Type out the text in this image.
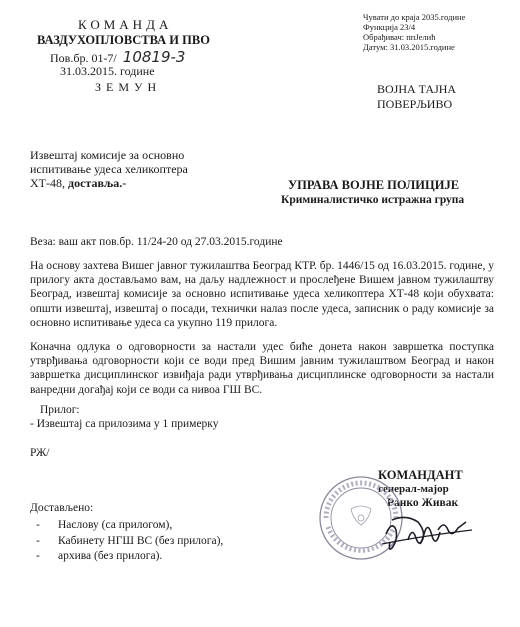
КОМАНДА
ВАЗДУХОПЛОВСТВА И ПВО
Пов.бр. 01-7/ 10819-3
31.03.2015. године
З Е М У Н
Чувати до краја 2035.године
Функција 23/4
Обрађивач: ппЈелић
Датум: 31.03.2015.године
ВОЈНА ТАЈНА
ПОВЕРЉИВО
Извештај комисије за основно
испитивање удеса хеликоптера
ХТ-48, доставља.-	УПРАВА ВОЈНЕ ПОЛИЦИЈЕ
Криминалистичко истражна група
Веза: ваш акт пов.бр. 11/24-20 од 27.03.2015.године
На основу захтева Вишег јавног тужилаштва Београд КТР. бр. 1446/15 од 16.03.2015. године, у прилогу акта достављамо вам, на даљу надлежност и прослеђене Вишем јавном тужилаштву Београд, извештај комисије за основно испитивање удеса хеликоптера ХТ-48 који обухвата: општи извештај, извештај о посади, технички налаз после удеса, записник о раду комисије за основно испитивање удеса са укупно 119 прилога.
Коначна одлука о одговорности за настали удес биће донета након завршетка поступка утврђивања одговорности који се води пред Вишим јавним тужилаштвом Београд и након завршетка дисциплинског извиђаја ради утврђивања дисциплинске одговорности за настали ванредни догађај који се води са нивоа ГШ ВС.
Прилог:
- Извештај са прилозима у 1 примерку
РЖ/
КОМАНДАНТ
генерал-мајор
Ранко Живак
Достављено:
- Наслову (са прилогом),
- Кабинету НГШ ВС (без прилога),
- архива (без прилога).
